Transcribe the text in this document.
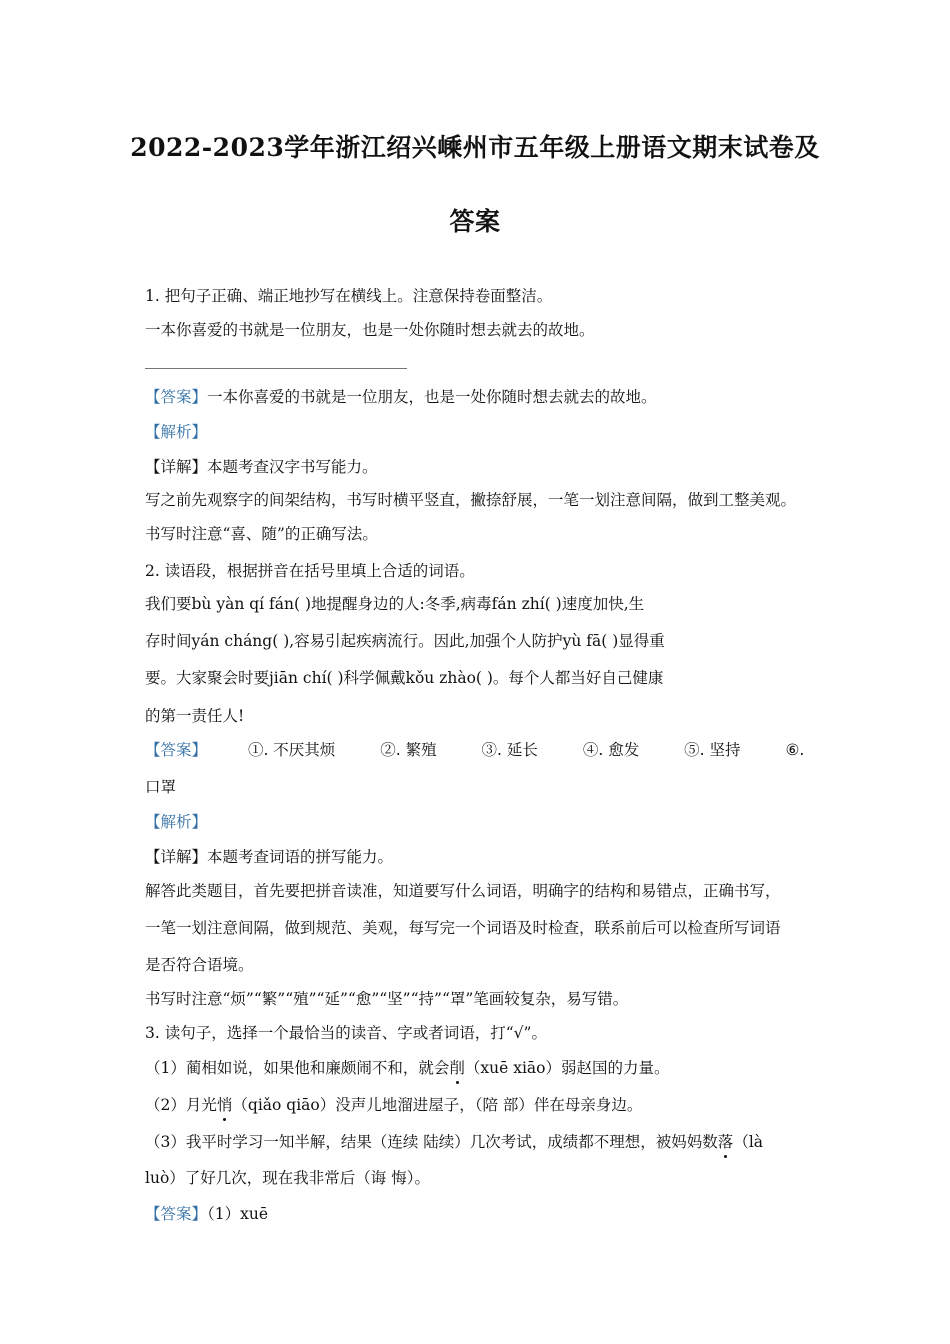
2022-2023学年浙江绍兴嵊州市五年级上册语文期末试卷及
答案
1. 把句子正确、端正地抄写在横线上。注意保持卷面整洁。
一本你喜爱的书就是一位朋友，也是一处你随时想去就去的故地。
【答案】一本你喜爱的书就是一位朋友，也是一处你随时想去就去的故地。
【解析】
【详解】本题考查汉字书写能力。
写之前先观察字的间架结构，书写时横平竖直，撇捺舒展，一笔一划注意间隔，做到工整美观。
书写时注意“喜、随”的正确写法。
2. 读语段，根据拼音在括号里填上合适的词语。
我们要bù yàn qí fán( )地提醒身边的人:冬季,病毒fán zhí( )速度加快,生
存时间yán cháng( ),容易引起疾病流行。因此,加强个人防护yù fā( )显得重
要。大家聚会时要jiān chí( )科学佩戴kǒu zhào( )。每个人都当好自己健康
的第一责任人!
【答案】	①. 不厌其烦	②. 繁殖	③. 延长	④. 愈发	⑤. 坚持	⑥.
口罩
【解析】
【详解】本题考查词语的拼写能力。
解答此类题目，首先要把拼音读准，知道要写什么词语，明确字的结构和易错点，正确书写，
一笔一划注意间隔，做到规范、美观，每写完一个词语及时检查，联系前后可以检查所写词语
是否符合语境。
书写时注意“烦”“繁”“殖”“延”“愈”“坚”“持”“罩”笔画较复杂，易写错。
3. 读句子，选择一个最恰当的读音、字或者词语，打“√”。
（1）蔺相如说，如果他和廉颇闹不和，就会削（xuē xiāo）弱赵国的力量。
（2）月光悄（qiǎo qiāo）没声儿地溜进屋子，（陪 部）伴在母亲身边。
（3）我平时学习一知半解，结果（连续 陆续）几次考试，成绩都不理想，被妈妈数落（là
luò）了好几次，现在我非常后（诲 悔）。
【答案】（1）xuē
